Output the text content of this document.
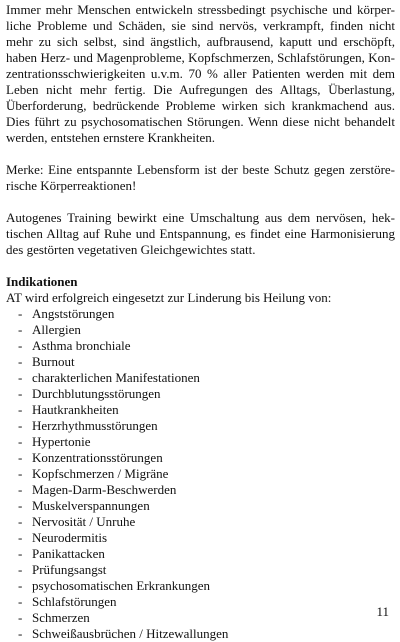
Immer mehr Menschen entwickeln stressbedingt psychische und körper-
liche Probleme und Schäden, sie sind nervös, verkrampft, finden nicht
mehr zu sich selbst, sind ängstlich, aufbrausend, kaputt und erschöpft,
haben Herz- und Magenprobleme, Kopfschmerzen, Schlafstörungen, Kon-
zentrationsschwierigkeiten u.v.m. 70 % aller Patienten werden mit dem
Leben nicht mehr fertig. Die Aufregungen des Alltags, Überlastung,
Überforderung, bedrückende Probleme wirken sich krankmachend aus.
Dies führt zu psychosomatischen Störungen. Wenn diese nicht behandelt
werden, entstehen ernstere Krankheiten.

Merke: Eine entspannte Lebensform ist der beste Schutz gegen zerstöre-
rische Körperreaktionen!

Autogenes Training bewirkt eine Umschaltung aus dem nervösen, hek-
tischen Alltag auf Ruhe und Entspannung, es findet eine Harmonisierung
des gestörten vegetativen Gleichgewichtes statt.

Indikationen
AT wird erfolgreich eingesetzt zur Linderung bis Heilung von:
- Angststörungen
- Allergien
- Asthma bronchiale
- Burnout
- charakterlichen Manifestationen
- Durchblutungsstörungen
- Hautkrankheiten
- Herzrhythmusstörungen
- Hypertonie
- Konzentrationsstörungen
- Kopfschmerzen / Migräne
- Magen-Darm-Beschwerden
- Muskelverspannungen
- Nervosität / Unruhe
- Neurodermitis
- Panikattacken
- Prüfungsangst
- psychosomatischen Erkrankungen
- Schlafstörungen
- Schmerzen
- Schweißausbrüchen / Hitzewallungen
11
